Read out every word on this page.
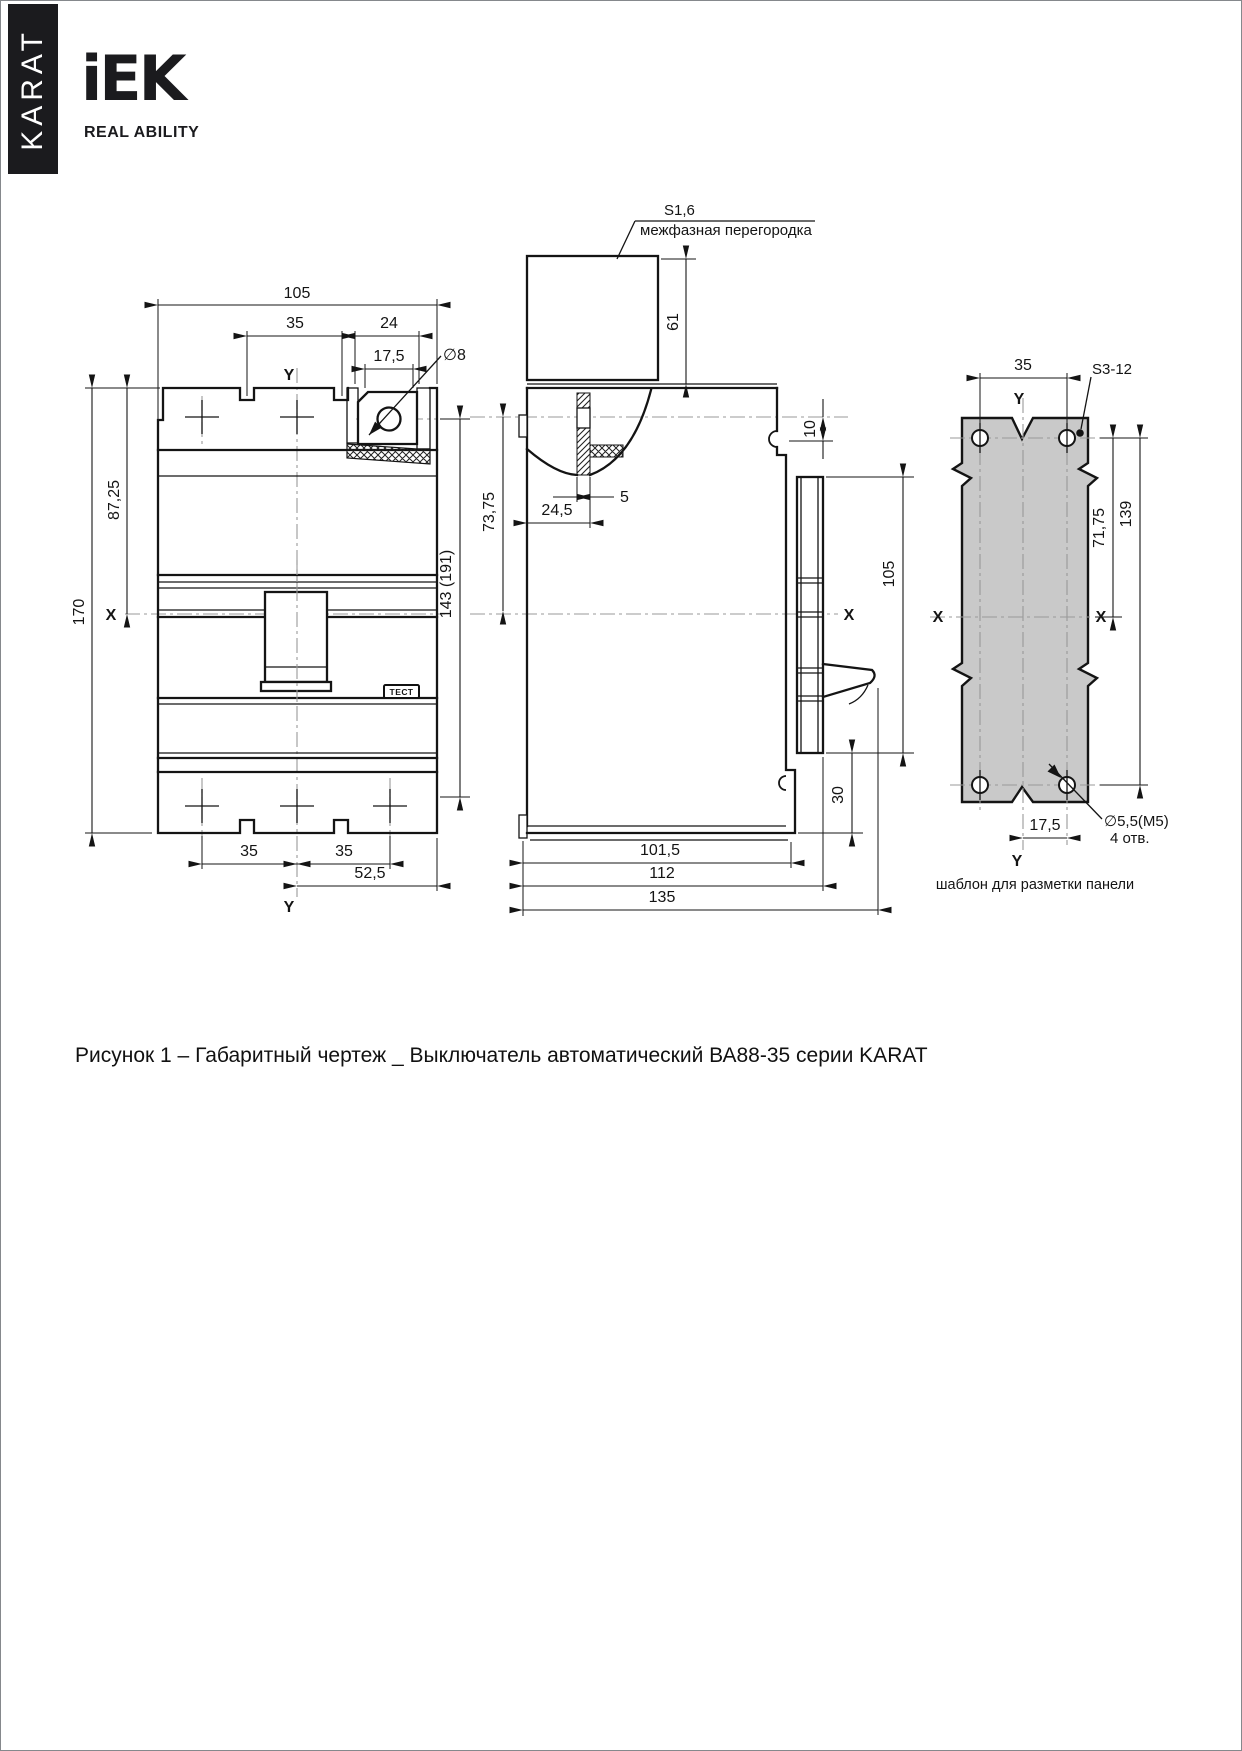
KARAT iEK
REAL ABILITY
ТЕСТ
105
35	24
17,5 ∅8
Y
87,25
170 X
35	35
52,5
Y
143 (191)
S1,6
межфазная перегородка
61
10
5
24,5
73,75
X
105
30
101,5
112
135
35
Y
S3-12
71,75 139
X	X
17,5	∅5,5(M5)
4 отв.
Y
шаблон для разметки панели
Рисунок 1 – Габаритный чертеж _ Выключатель автоматический ВА88-35 серии KARAT
